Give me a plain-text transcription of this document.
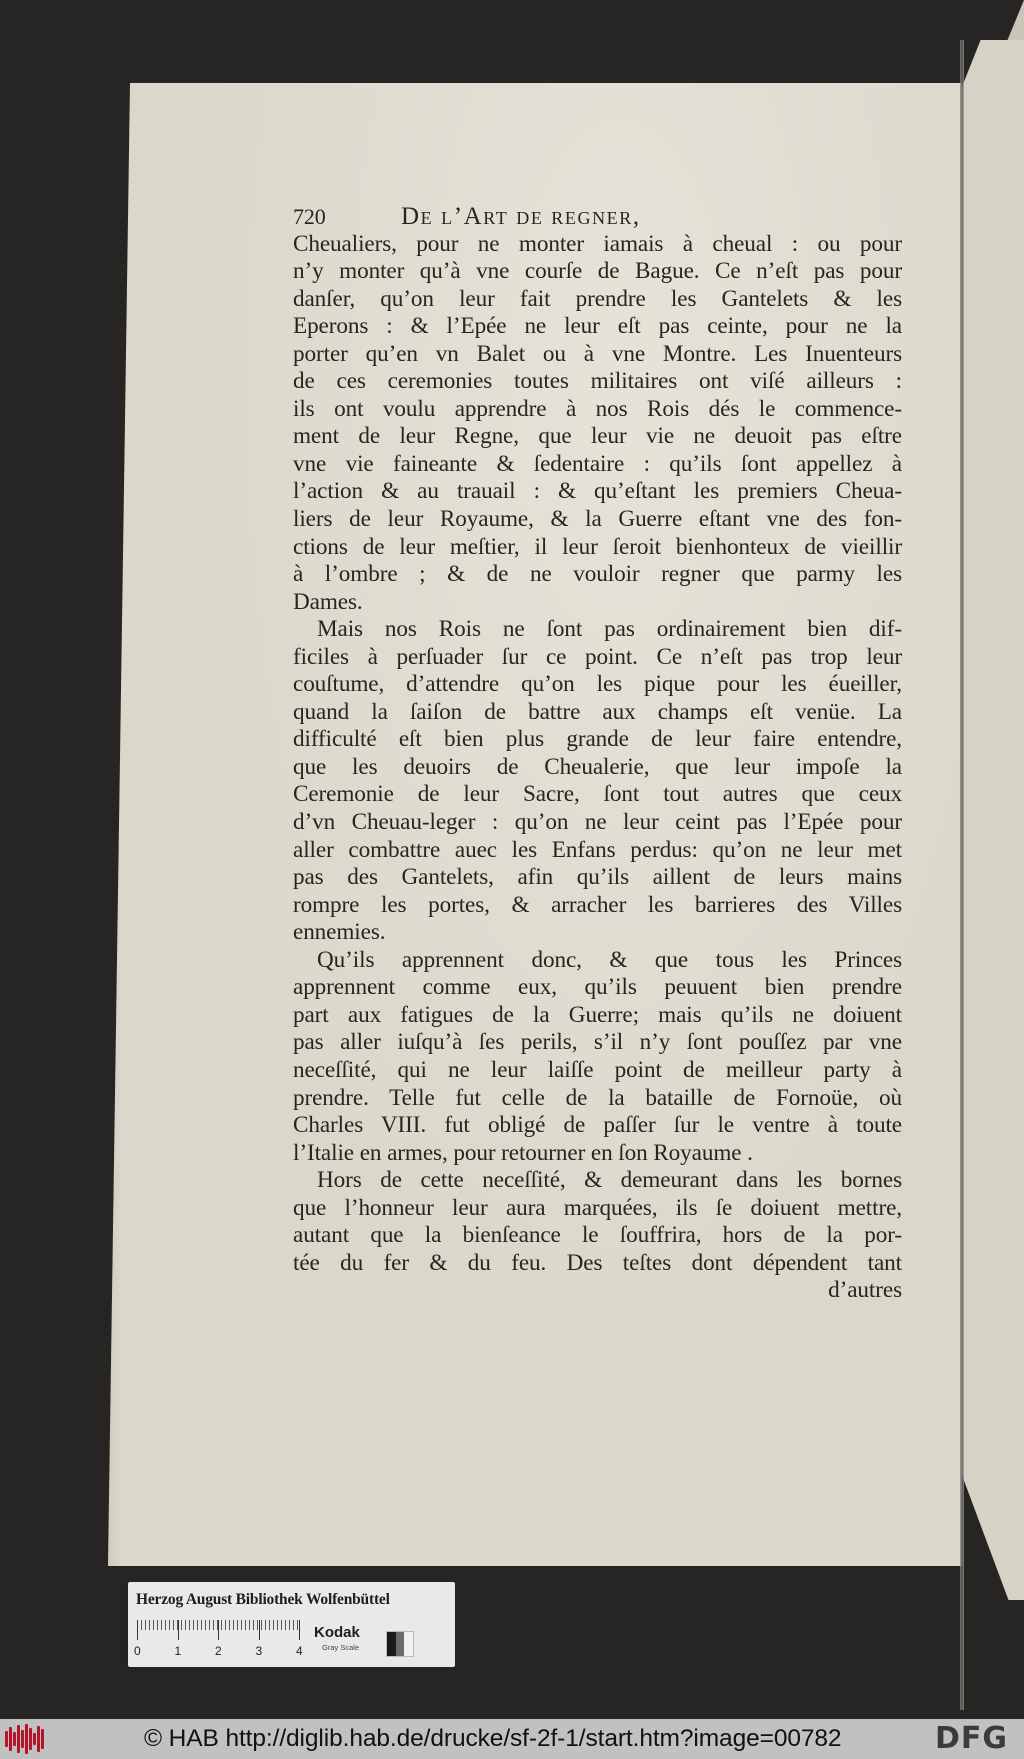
720	De l’Art de regner,
Cheualiers, pour ne monter iamais à cheual : ou pour
n’y monter qu’à vne courſe de Bague. Ce n’eſt pas pour
danſer, qu’on leur fait prendre les Gantelets & les
Eperons : & l’Epée ne leur eſt pas ceinte, pour ne la
porter qu’en vn Balet ou à vne Montre. Les Inuenteurs
de ces ceremonies toutes militaires ont viſé ailleurs :
ils ont voulu apprendre à nos Rois dés le commence-
ment de leur Regne, que leur vie ne deuoit pas eſtre
vne vie faineante & ſedentaire : qu’ils ſont appellez à
l’action & au trauail : & qu’eſtant les premiers Cheua-
liers de leur Royaume, & la Guerre eſtant vne des fon-
ctions de leur meſtier, il leur ſeroit bienhonteux de vieillir
à l’ombre ; & de ne vouloir regner que parmy les
Dames.
Mais nos Rois ne ſont pas ordinairement bien dif-
ficiles à perſuader ſur ce point. Ce n’eſt pas trop leur
couſtume, d’attendre qu’on les pique pour les éueiller,
quand la ſaiſon de battre aux champs eſt venüe. La
difficulté eſt bien plus grande de leur faire entendre,
que les deuoirs de Cheualerie, que leur impoſe la
Ceremonie de leur Sacre, ſont tout autres que ceux
d’vn Cheuau-leger : qu’on ne leur ceint pas l’Epée pour
aller combattre auec les Enfans perdus: qu’on ne leur met
pas des Gantelets, afin qu’ils aillent de leurs mains
rompre les portes, & arracher les barrieres des Villes
ennemies.
Qu’ils apprennent donc, & que tous les Princes
apprennent comme eux, qu’ils peuuent bien prendre
part aux fatigues de la Guerre; mais qu’ils ne doiuent
pas aller iuſqu’à ſes perils, s’il n’y ſont pouſſez par vne
neceſſité, qui ne leur laiſſe point de meilleur party à
prendre. Telle fut celle de la bataille de Fornoüe, où
Charles VIII. fut obligé de paſſer ſur le ventre à toute
l’Italie en armes, pour retourner en ſon Royaume .
Hors de cette neceſſité, & demeurant dans les bornes
que l’honneur leur aura marquées, ils ſe doiuent mettre,
autant que la bienſeance le ſouffrira, hors de la por-
tée du fer & du feu. Des teſtes dont dépendent tant
d’autres
Herzog August Bibliothek Wolfenbüttel
0	1	2	3	4
Kodak
Gray Scale
© HAB http://diglib.hab.de/drucke/sf-2f-1/start.htm?image=00782	DFG
